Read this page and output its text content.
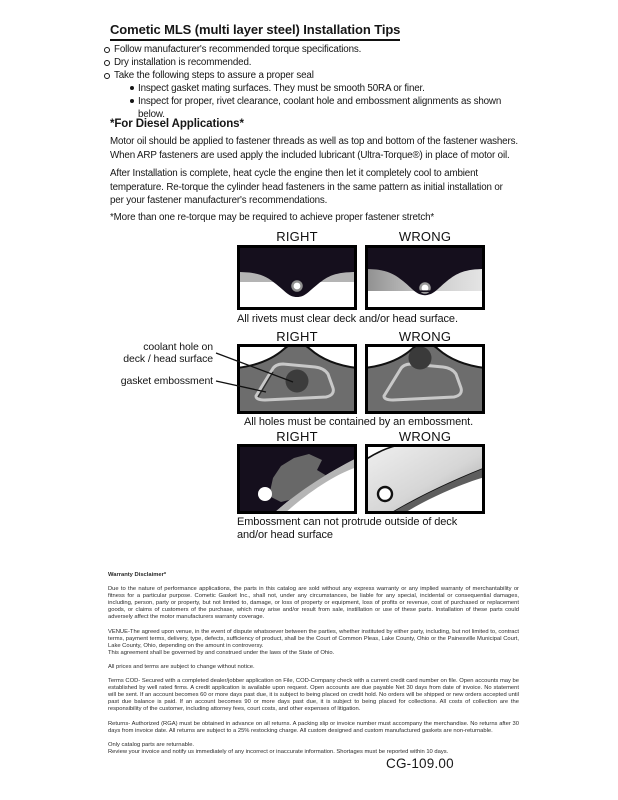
Cometic MLS (multi layer steel) Installation Tips
Follow manufacturer's recommended torque specifications.
Dry installation is recommended.
Take the following steps to assure a proper seal
Inspect gasket mating surfaces. They must be smooth 50RA or finer.
Inspect for proper, rivet clearance, coolant hole and embossment alignments as shown below.
*For Diesel Applications*
Motor oil should be applied to fastener threads as well as top and bottom of the fastener washers. When ARP fasteners are used apply the included lubricant (Ultra-Torque®) in place of motor oil.
After Installation is complete, heat cycle the engine then let it completely cool to ambient temperature. Re-torque the cylinder head fasteners in the same pattern as initial installation or per your fastener manufacturer's recommendations.
*More than one re-torque may be required to achieve proper fastener stretch*
RIGHT	WRONG
All rivets must clear deck and/or head surface.
RIGHT	WRONG
coolant hole on
deck / head surface
gasket embossment
All holes must be contained by an embossment.
RIGHT	WRONG
Embossment can not protrude outside of deck
and/or head surface
Warranty Disclaimer*

Due to the nature of performance applications, the parts in this catalog are sold without any express warranty or any implied warranty of merchantability or fitness for a particular purpose. Cometic Gasket Inc., shall not, under any circumstances, be liable for any special, incidental or consequential damages, including, person, party or property, but not limited to, damage, or loss of property or equipment, loss of profits or revenue, cost of purchased or replacement goods, or claims of customers of the purchase, which may arise and/or result from sale, instillation or use of these parts. Installation of these parts could adversely affect the motor manufacturers warranty coverage.

VENUE-The agreed upon venue, in the event of dispute whatsoever between the parties, whether instituted by either party, including, but not limited to, contract terms, payment terms, delivery, type, defects, sufficiency of product, shall be the Court of Common Pleas, Lake County, Ohio or the Painesville Municipal Court, Lake County, Ohio, depending on the amount in controversy.

This agreement shall be governed by and construed under the laws of the State of Ohio.

All prices and terms are subject to change without notice.

Terms COD- Secured with a completed dealer/jobber application on File, COD-Company check with a current credit card number on file. Open accounts may be established by well rated firms. A credit application is available upon request. Open accounts are due payable Net 30 days from date of invoice. No statement will be sent. If an account becomes 60 or more days past due, it is subject to being placed on credit hold. No orders will be shipped or new orders accepted until past due balance is paid. If an account becomes 90 or more days past due, it is subject to being placed for collections. All costs of collection are the responsibility of the customer, including attorney fees, court costs, and other expenses of litigation.

Returns- Authorized (RGA) must be obtained in advance on all returns. A packing slip or invoice number must accompany the merchandise. No returns after 30 days from invoice date. All returns are subject to a 25% restocking charge. All custom designed and custom manufactured gaskets are non-returnable.

Only catalog parts are returnable.

Review your invoice and notify us immediately of any incorrect or inaccurate information. Shortages must be reported within 10 days.

CG-109.00
